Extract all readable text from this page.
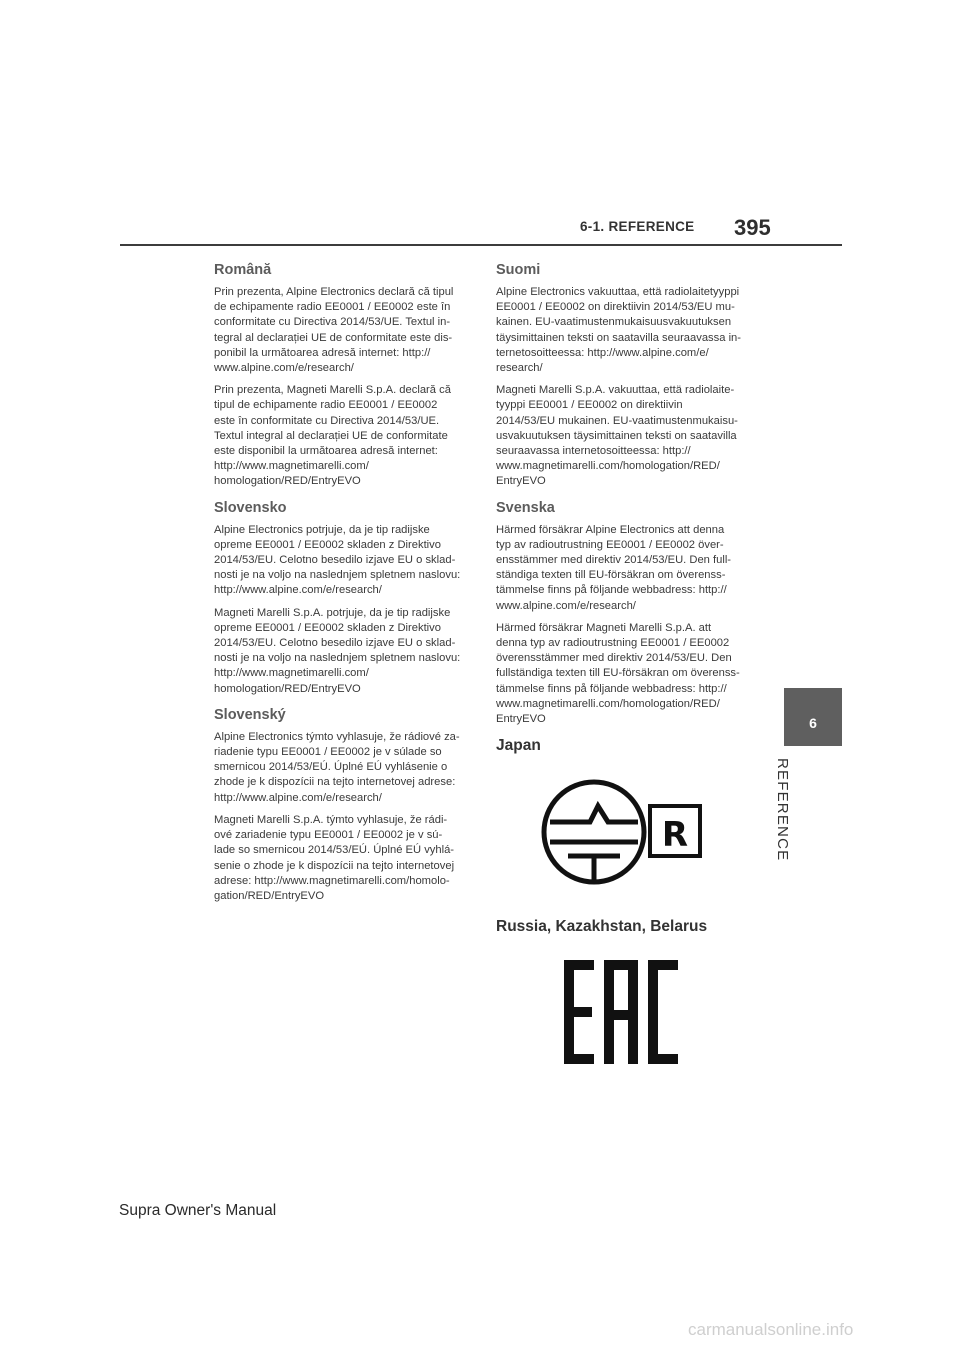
6-1. REFERENCE 395
6
REFERENCE
Română
Prin prezenta, Alpine Electronics declară că tipul
de echipamente radio EE0001 / EE0002 este în
conformitate cu Directiva 2014/53/UE. Textul in-
tegral al declarației UE de conformitate este dis-
ponibil la următoarea adresă internet: http://
www.alpine.com/e/research/
Prin prezenta, Magneti Marelli S.p.A. declară că
tipul de echipamente radio EE0001 / EE0002
este în conformitate cu Directiva 2014/53/UE.
Textul integral al declarației UE de conformitate
este disponibil la următoarea adresă internet:
http://www.magnetimarelli.com/
homologation/RED/EntryEVO
Slovensko
Alpine Electronics potrjuje, da je tip radijske
opreme EE0001 / EE0002 skladen z Direktivo
2014/53/EU. Celotno besedilo izjave EU o sklad-
nosti je na voljo na naslednjem spletnem naslovu:
http://www.alpine.com/e/research/
Magneti Marelli S.p.A. potrjuje, da je tip radijske
opreme EE0001 / EE0002 skladen z Direktivo
2014/53/EU. Celotno besedilo izjave EU o sklad-
nosti je na voljo na naslednjem spletnem naslovu:
http://www.magnetimarelli.com/
homologation/RED/EntryEVO
Slovenský
Alpine Electronics týmto vyhlasuje, že rádiové za-
riadenie typu EE0001 / EE0002 je v súlade so
smernicou 2014/53/EÚ. Úplné EÚ vyhlásenie o
zhode je k dispozícii na tejto internetovej adrese:
http://www.alpine.com/e/research/
Magneti Marelli S.p.A. týmto vyhlasuje, že rádi-
ové zariadenie typu EE0001 / EE0002 je v sú-
lade so smernicou 2014/53/EÚ. Úplné EÚ vyhlá-
senie o zhode je k dispozícii na tejto internetovej
adrese: http://www.magnetimarelli.com/homolo-
gation/RED/EntryEVO
Suomi
Alpine Electronics vakuuttaa, että radiolaitetyyppi
EE0001 / EE0002 on direktiivin 2014/53/EU mu-
kainen. EU-vaatimustenmukaisuusvakuutuksen
täysimittainen teksti on saatavilla seuraavassa in-
ternetosoitteessa: http://www.alpine.com/e/
research/
Magneti Marelli S.p.A. vakuuttaa, että radiolaite-
tyyppi EE0001 / EE0002 on direktiivin
2014/53/EU mukainen. EU-vaatimustenmukaisu-
usvakuutuksen täysimittainen teksti on saatavilla
seuraavassa internetosoitteessa: http://
www.magnetimarelli.com/homologation/RED/
EntryEVO
Svenska
Härmed försäkrar Alpine Electronics att denna
typ av radioutrustning EE0001 / EE0002 över-
ensstämmer med direktiv 2014/53/EU. Den full-
ständiga texten till EU-försäkran om överenss-
tämmelse finns på följande webbadress: http://
www.alpine.com/e/research/
Härmed försäkrar Magneti Marelli S.p.A. att
denna typ av radioutrustning EE0001 / EE0002
överensstämmer med direktiv 2014/53/EU. Den
fullständiga texten till EU-försäkran om överenss-
tämmelse finns på följande webbadress: http://
www.magnetimarelli.com/homologation/RED/
EntryEVO
Japan
R
Russia, Kazakhstan, Belarus
Supra Owner's Manual
carmanualsonline.info
